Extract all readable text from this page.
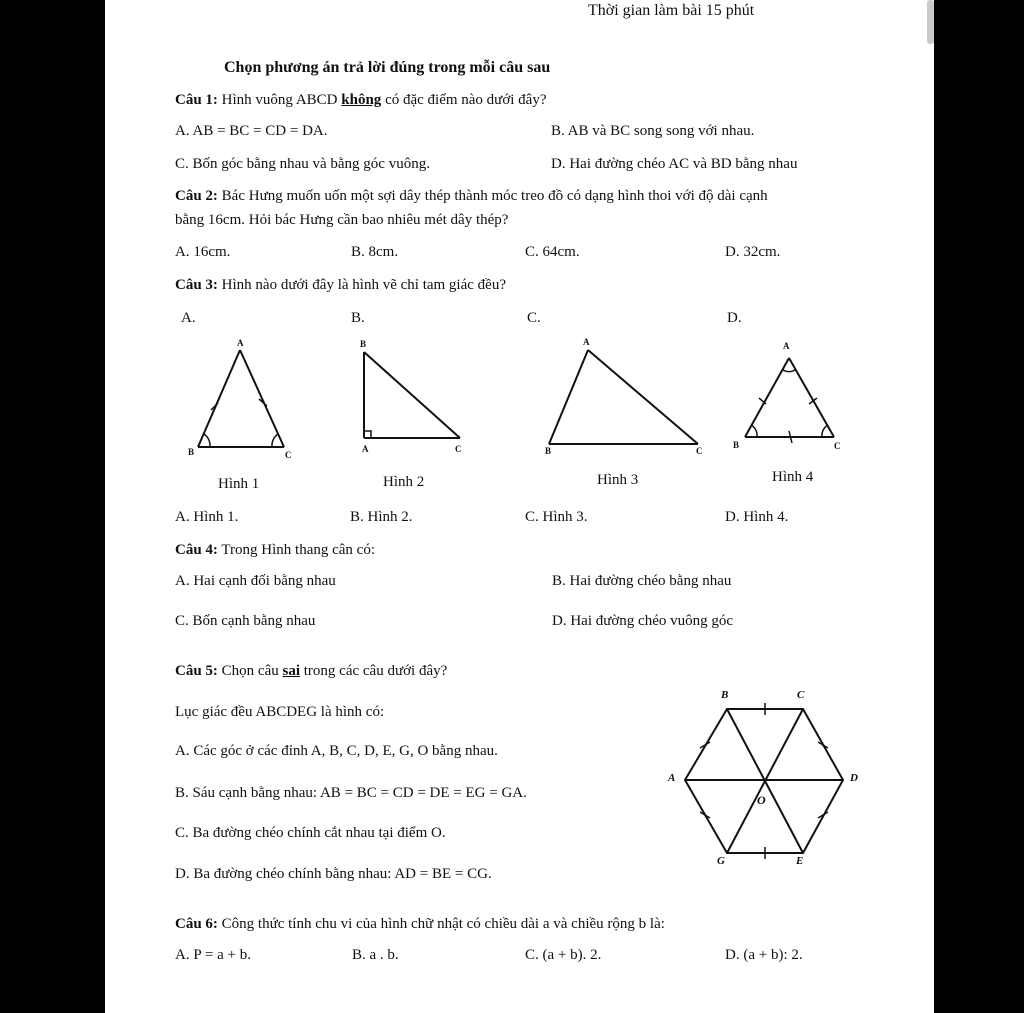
Thời gian làm bài 15 phút
Chọn phương án trả lời đúng trong mỗi câu sau
Câu 1: Hình vuông ABCD không có đặc điểm nào dưới đây?
A. AB = BC = CD = DA.	B. AB và BC song song với nhau.
C. Bốn góc bằng nhau và bằng góc vuông.	D. Hai đường chéo AC và BD bằng nhau
Câu 2: Bác Hưng muốn uốn một sợi dây thép thành móc treo đồ có dạng hình thoi với độ dài cạnh
bằng 16cm. Hỏi bác Hưng cần bao nhiêu mét dây thép?
A. 16cm.	B. 8cm.	C. 64cm.	D. 32cm.
Câu 3: Hình nào dưới đây là hình vẽ chỉ tam giác đều?
A.	B.	C.	D.
A
B	C
B
A	C
A
B	C
A
B	C
Hình 1	Hình 2	Hình 3	Hình 4
A. Hình 1.	B. Hình 2.	C. Hình 3.	D. Hình 4.
Câu 4: Trong Hình thang cân có:
A. Hai cạnh đối bằng nhau	B. Hai đường chéo bằng nhau
C. Bốn cạnh bằng nhau	D. Hai đường chéo vuông góc
Câu 5: Chọn câu sai trong các câu dưới đây?
Lục giác đều ABCDEG là hình có:
A. Các góc ở các đỉnh A, B, C, D, E, G, O bằng nhau.
B. Sáu cạnh bằng nhau: AB = BC = CD = DE = EG = GA.
C. Ba đường chéo chính cắt nhau tại điểm O.
D. Ba đường chéo chính bằng nhau: AD = BE = CG.
B	C
A	D
G	E
O
Câu 6: Công thức tính chu vi của hình chữ nhật có chiều dài a và chiều rộng b là:
A. P = a + b.	B. a . b.	C. (a + b). 2.	D. (a + b): 2.
